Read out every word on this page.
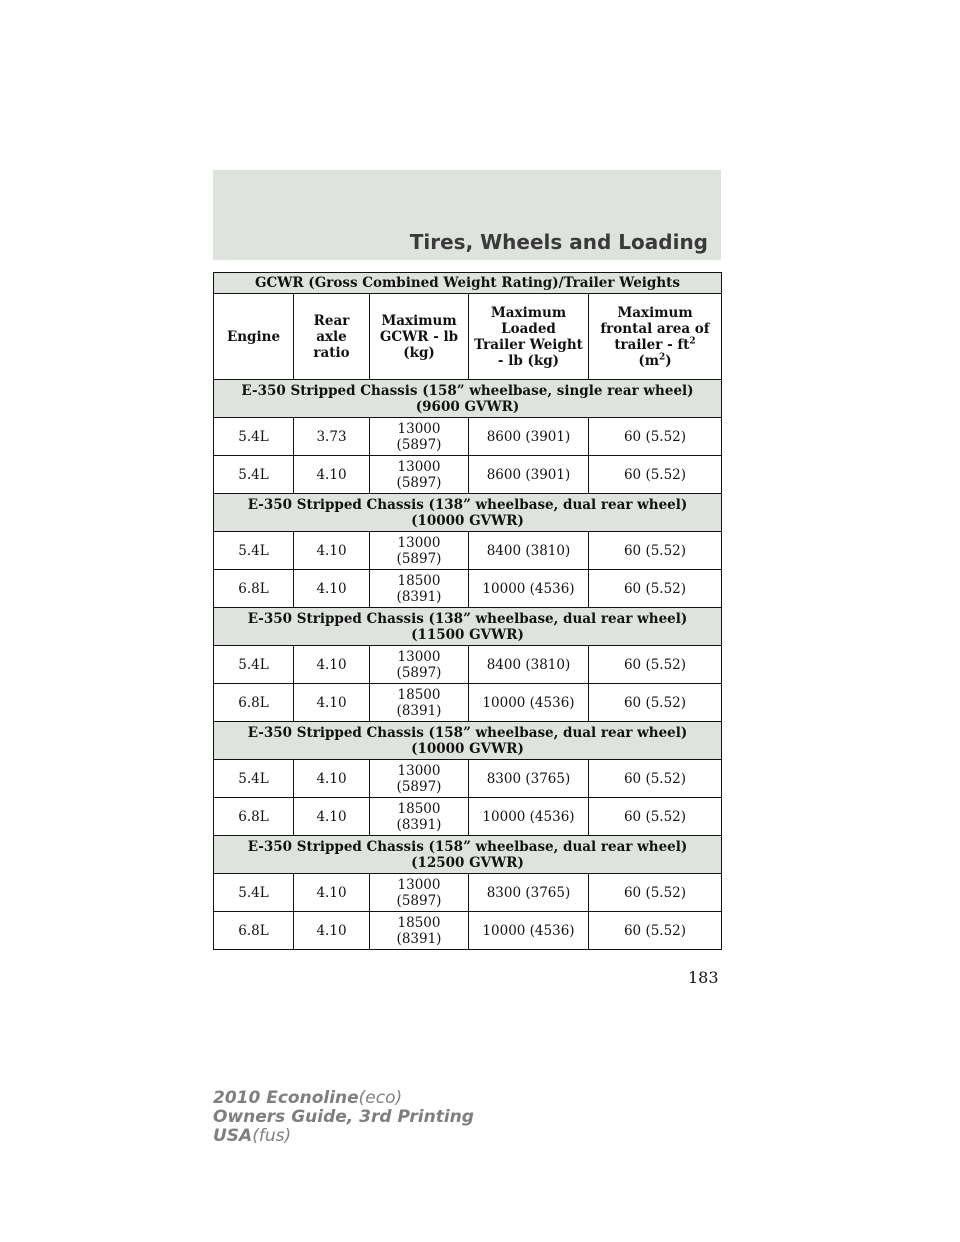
Tires, Wheels and Loading
GCWR (Gross Combined Weight Rating)/Trailer Weights				
Engine	Rear
axle
ratio	Maximum
GCWR - lb
(kg)	Maximum
Loaded
Trailer Weight
- lb (kg)	Maximum
frontal area of
trailer - $ft^2$
$(m^2)$
E-350 Stripped Chassis (158” wheelbase, single rear wheel)
(9600 GVWR)				
5.4L	3.73	13000
(5897)	8600 (3901)	60 (5.52)
5.4L	4.10	13000
(5897)	8600 (3901)	60 (5.52)
E-350 Stripped Chassis (138” wheelbase, dual rear wheel)
(10000 GVWR)				
5.4L	4.10	13000
(5897)	8400 (3810)	60 (5.52)
6.8L	4.10	18500
(8391)	10000 (4536)	60 (5.52)
E-350 Stripped Chassis (138” wheelbase, dual rear wheel)
(11500 GVWR)				
5.4L	4.10	13000
(5897)	8400 (3810)	60 (5.52)
6.8L	4.10	18500
(8391)	10000 (4536)	60 (5.52)
E-350 Stripped Chassis (158” wheelbase, dual rear wheel)
(10000 GVWR)				
5.4L	4.10	13000
(5897)	8300 (3765)	60 (5.52)
6.8L	4.10	18500
(8391)	10000 (4536)	60 (5.52)
E-350 Stripped Chassis (158” wheelbase, dual rear wheel)
(12500 GVWR)				
5.4L	4.10	13000
(5897)	8300 (3765)	60 (5.52)
6.8L	4.10	18500
(8391)	10000 (4536)	60 (5.52)
183
2010 Econoline(eco)
Owners Guide, 3rd Printing
USA(fus)
